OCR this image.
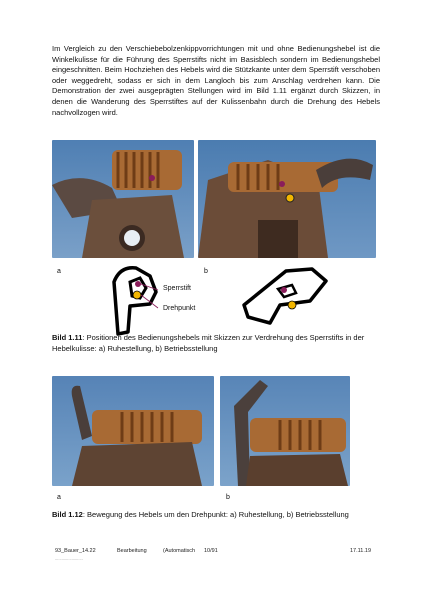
Im Vergleich zu den Verschiebebolzenkippvorrichtungen mit und ohne Bedienungshebel ist die Winkelkulisse für die Führung des Sperrstifts nicht im Basisblech sondern im Bedienungshebel eingeschnitten. Beim Hochziehen des Hebels wird die Stützkante unter dem Sperrstift verschoben oder weggedreht, sodass er sich in dem Langloch bis zum Anschlag verdrehen kann. Die Demonstration der zwei ausgeprägten Stellungen wird im Bild 1.11 ergänzt durch Skizzen, in denen die Wanderung des Sperrstiftes auf der Kulissenbahn durch die Drehung des Hebels nachvollzogen wird.

a	b
Sperrstift
Drehpunkt

Bild 1.11: Positionen des Bedienungshebels mit Skizzen zur Verdrehung des Sperrstifts in der Hebelkulisse: a) Ruhestellung, b) Betriebsstellung

a	b

Bild 1.12: Bewegung des Hebels um den Drehpunkt: a) Ruhestellung, b) Betriebsstellung

93_Bauer_14.22	Bearbeitung	(Automatisch 10/91	17.11.19
.........................
